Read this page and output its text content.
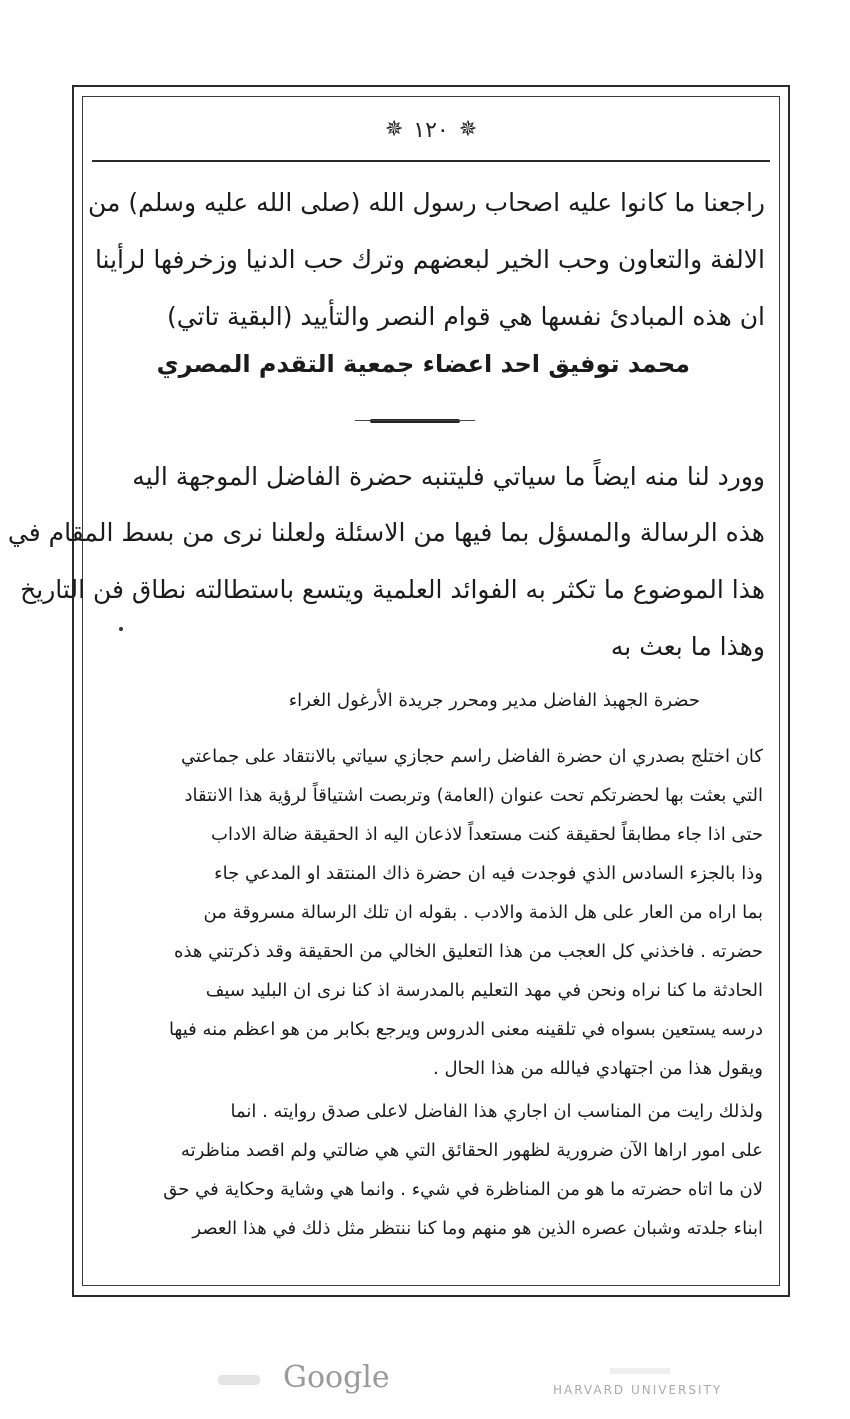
✵ ١٢٠ ✵
راجعنا ما كانوا عليه اصحاب رسول الله (صلى الله عليه وسلم) من
الالفة والتعاون وحب الخير لبعضهم وترك حب الدنيا وزخرفها لرأينا
ان هذه المبادئ نفسها هي قوام النصر والتأييد (البقية تاتي)
محمد توفيق احد اعضاء جمعية التقدم المصري
وورد لنا منه ايضاً ما سياتي فليتنبه حضرة الفاضل الموجهة اليه
هذه الرسالة والمسؤل بما فيها من الاسئلة ولعلنا نرى من بسط المقام في
هذا الموضوع ما تكثر به الفوائد العلمية ويتسع باستطالته نطاق فن التاريخ
وهذا ما بعث به
حضرة الجهبذ الفاضل مدير ومحرر جريدة الأرغول الغراء
كان اختلج بصدري ان حضرة الفاضل راسم حجازي سياتي بالانتقاد على جماعتي
التي بعثت بها لحضرتكم تحت عنوان (العامة) وتربصت اشتياقاً لرؤية هذا الانتقاد
حتى اذا جاء مطابقاً لحقيقة كنت مستعداً لاذعان اليه اذ الحقيقة ضالة الاداب
وذا بالجزء السادس الذي فوجدت فيه ان حضرة ذاك المنتقد او المدعي جاء
بما اراه من العار على هل الذمة والادب . بقوله ان تلك الرسالة مسروقة من
حضرته . فاخذني كل العجب من هذا التعليق الخالي من الحقيقة وقد ذكرتني هذه
الحادثة ما كنا نراه ونحن في مهد التعليم بالمدرسة اذ كنا نرى ان البليد سيف
درسه يستعين بسواه في تلقينه معنى الدروس ويرجع بكابر من هو اعظم منه فيها
ويقول هذا من اجتهادي فيالله من هذا الحال .
ولذلك رايت من المناسب ان اجاري هذا الفاضل لاعلى صدق روايته . انما
على امور اراها الآن ضرورية لظهور الحقائق التي هي ضالتي ولم اقصد مناظرته
لان ما اتاه حضرته ما هو من المناظرة في شيء . وانما هي وشاية وحكاية في حق
ابناء جلدته وشبان عصره الذين هو منهم وما كنا ننتظر مثل ذلك في هذا العصر
Google	HARVARD UNIVERSITY
